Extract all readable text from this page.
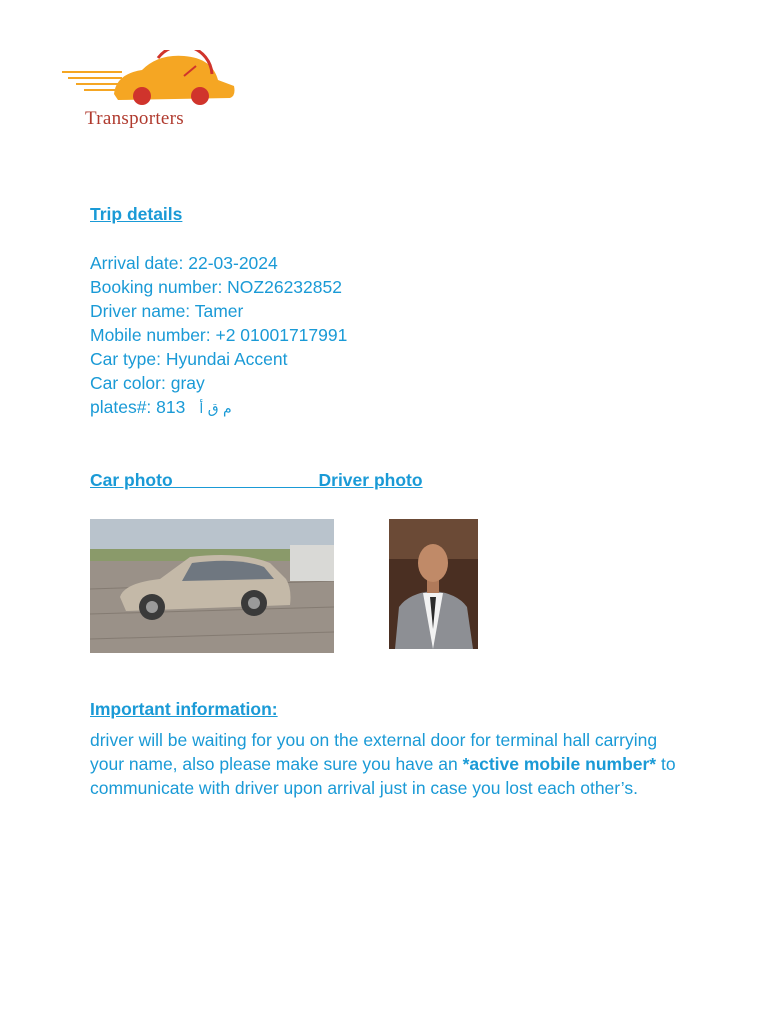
Transporters
Trip details
Arrival date: 22-03-2024
Booking number: NOZ26232852
Driver name: Tamer
Mobile number: +2 01001717991
Car type: Hyundai Accent
Car color: gray
plates#: 813 م ق أ
Car photo                              Driver photo
Important information:
driver will be waiting for you on the external door for terminal hall carrying your name, also please make sure you have an *active mobile number* to communicate with driver upon arrival just in case you lost each other’s.
